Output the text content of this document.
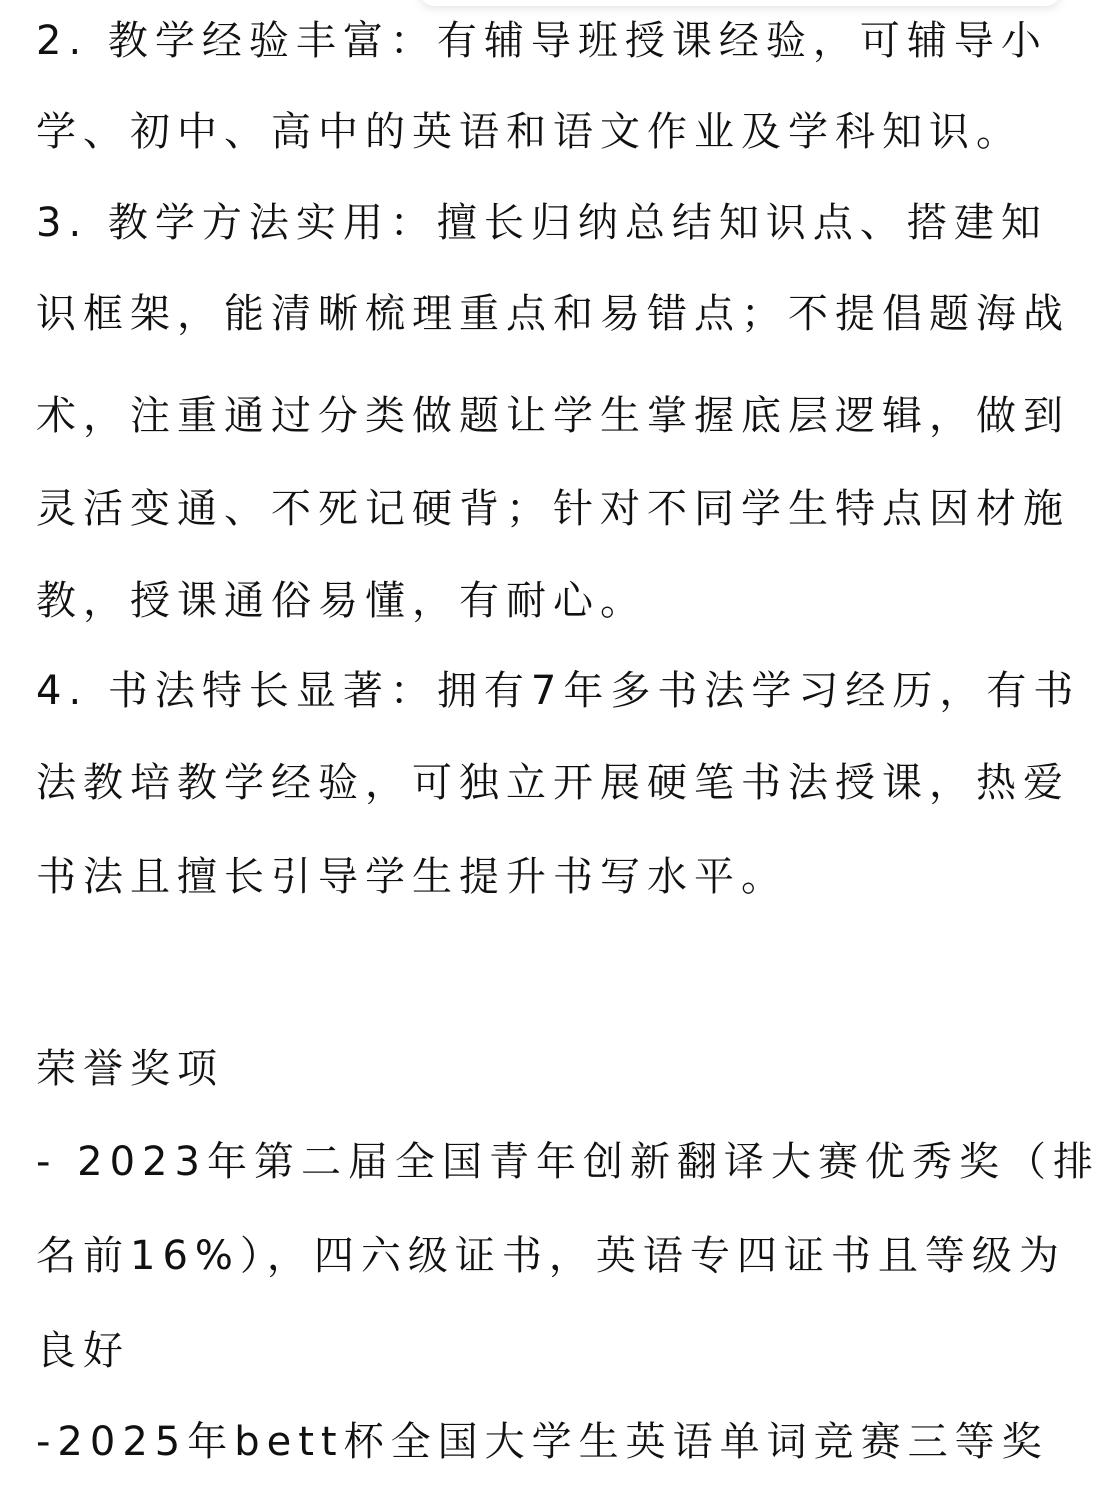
2. 教学经验丰富：有辅导班授课经验，可辅导小
学、初中、高中的英语和语文作业及学科知识。
3. 教学方法实用：擅长归纳总结知识点、搭建知
识框架，能清晰梳理重点和易错点；不提倡题海战
术，注重通过分类做题让学生掌握底层逻辑，做到
灵活变通、不死记硬背；针对不同学生特点因材施
教，授课通俗易懂，有耐心。
4. 书法特长显著：拥有7年多书法学习经历，有书
法教培教学经验，可独立开展硬笔书法授课，热爱
书法且擅长引导学生提升书写水平。
荣誉奖项
- 2023年第二届全国青年创新翻译大赛优秀奖（排
名前16%），四六级证书，英语专四证书且等级为
良好
-2025年bett杯全国大学生英语单词竞赛三等奖
